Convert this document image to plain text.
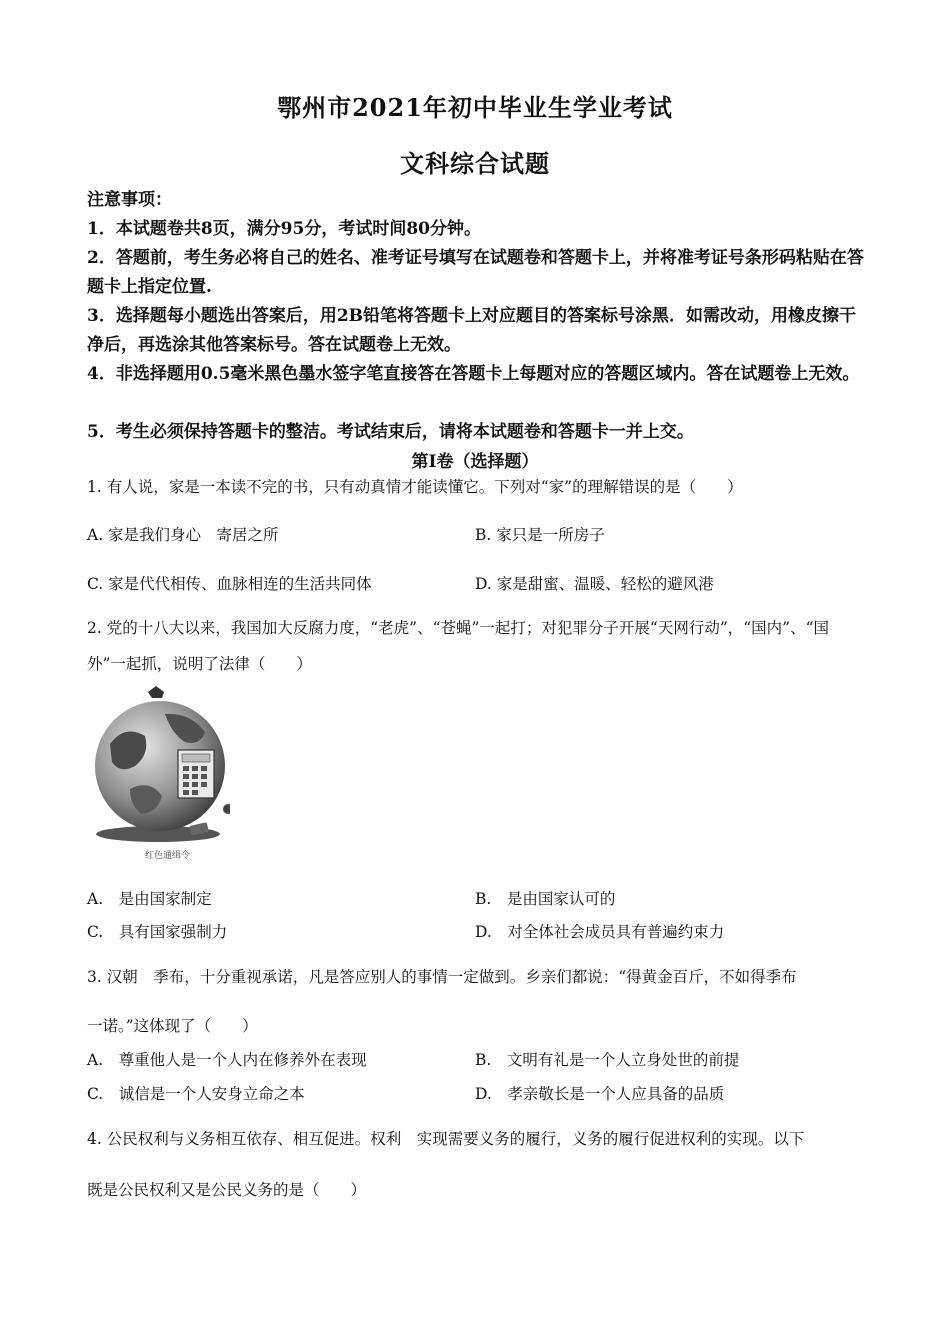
鄂州市2021年初中毕业生学业考试
文科综合试题
注意事项：
1．本试题卷共8页，满分95分，考试时间80分钟。
2．答题前，考生务必将自己的姓名、准考证号填写在试题卷和答题卡上，并将准考证号条形码粘贴在答题卡上指定位置.
3．选择题每小题选出答案后，用2B铅笔将答题卡上对应题目的答案标号涂黑．如需改动，用橡皮擦干净后，再选涂其他答案标号。答在试题卷上无效。
4．非选择题用0.5毫米黑色墨水签字笔直接答在答题卡上每题对应的答题区域内。答在试题卷上无效。
5．考生必须保持答题卡的整洁。考试结束后，请将本试题卷和答题卡一并上交。
第Ⅰ卷（选择题）
1. 有人说，家是一本读不完的书，只有动真情才能读懂它。下列对“家”的理解错误的是（　　）
A. 家是我们身心　寄居之所	B. 家只是一所房子
C. 家是代代相传、血脉相连的生活共同体	D. 家是甜蜜、温暖、轻松的避风港
2. 党的十八大以来，我国加大反腐力度，“老虎”、“苍蝇”一起打；对犯罪分子开展“天网行动”，“国内”、“国外”一起抓，说明了法律（　　）
红色通缉令
A.　是由国家制定	B.　是由国家认可的
C.　具有国家强制力	D.　对全体社会成员具有普遍约束力
3. 汉朝　季布，十分重视承诺，凡是答应别人的事情一定做到。乡亲们都说：“得黄金百斤，不如得季布
一诺。”这体现了（　　）
A.　尊重他人是一个人内在修养外在表现	B.　文明有礼是一个人立身处世的前提
C.　诚信是一个人安身立命之本	D.　孝亲敬长是一个人应具备的品质
4. 公民权利与义务相互依存、相互促进。权利　实现需要义务的履行，义务的履行促进权利的实现。以下
既是公民权利又是公民义务的是（　　）
